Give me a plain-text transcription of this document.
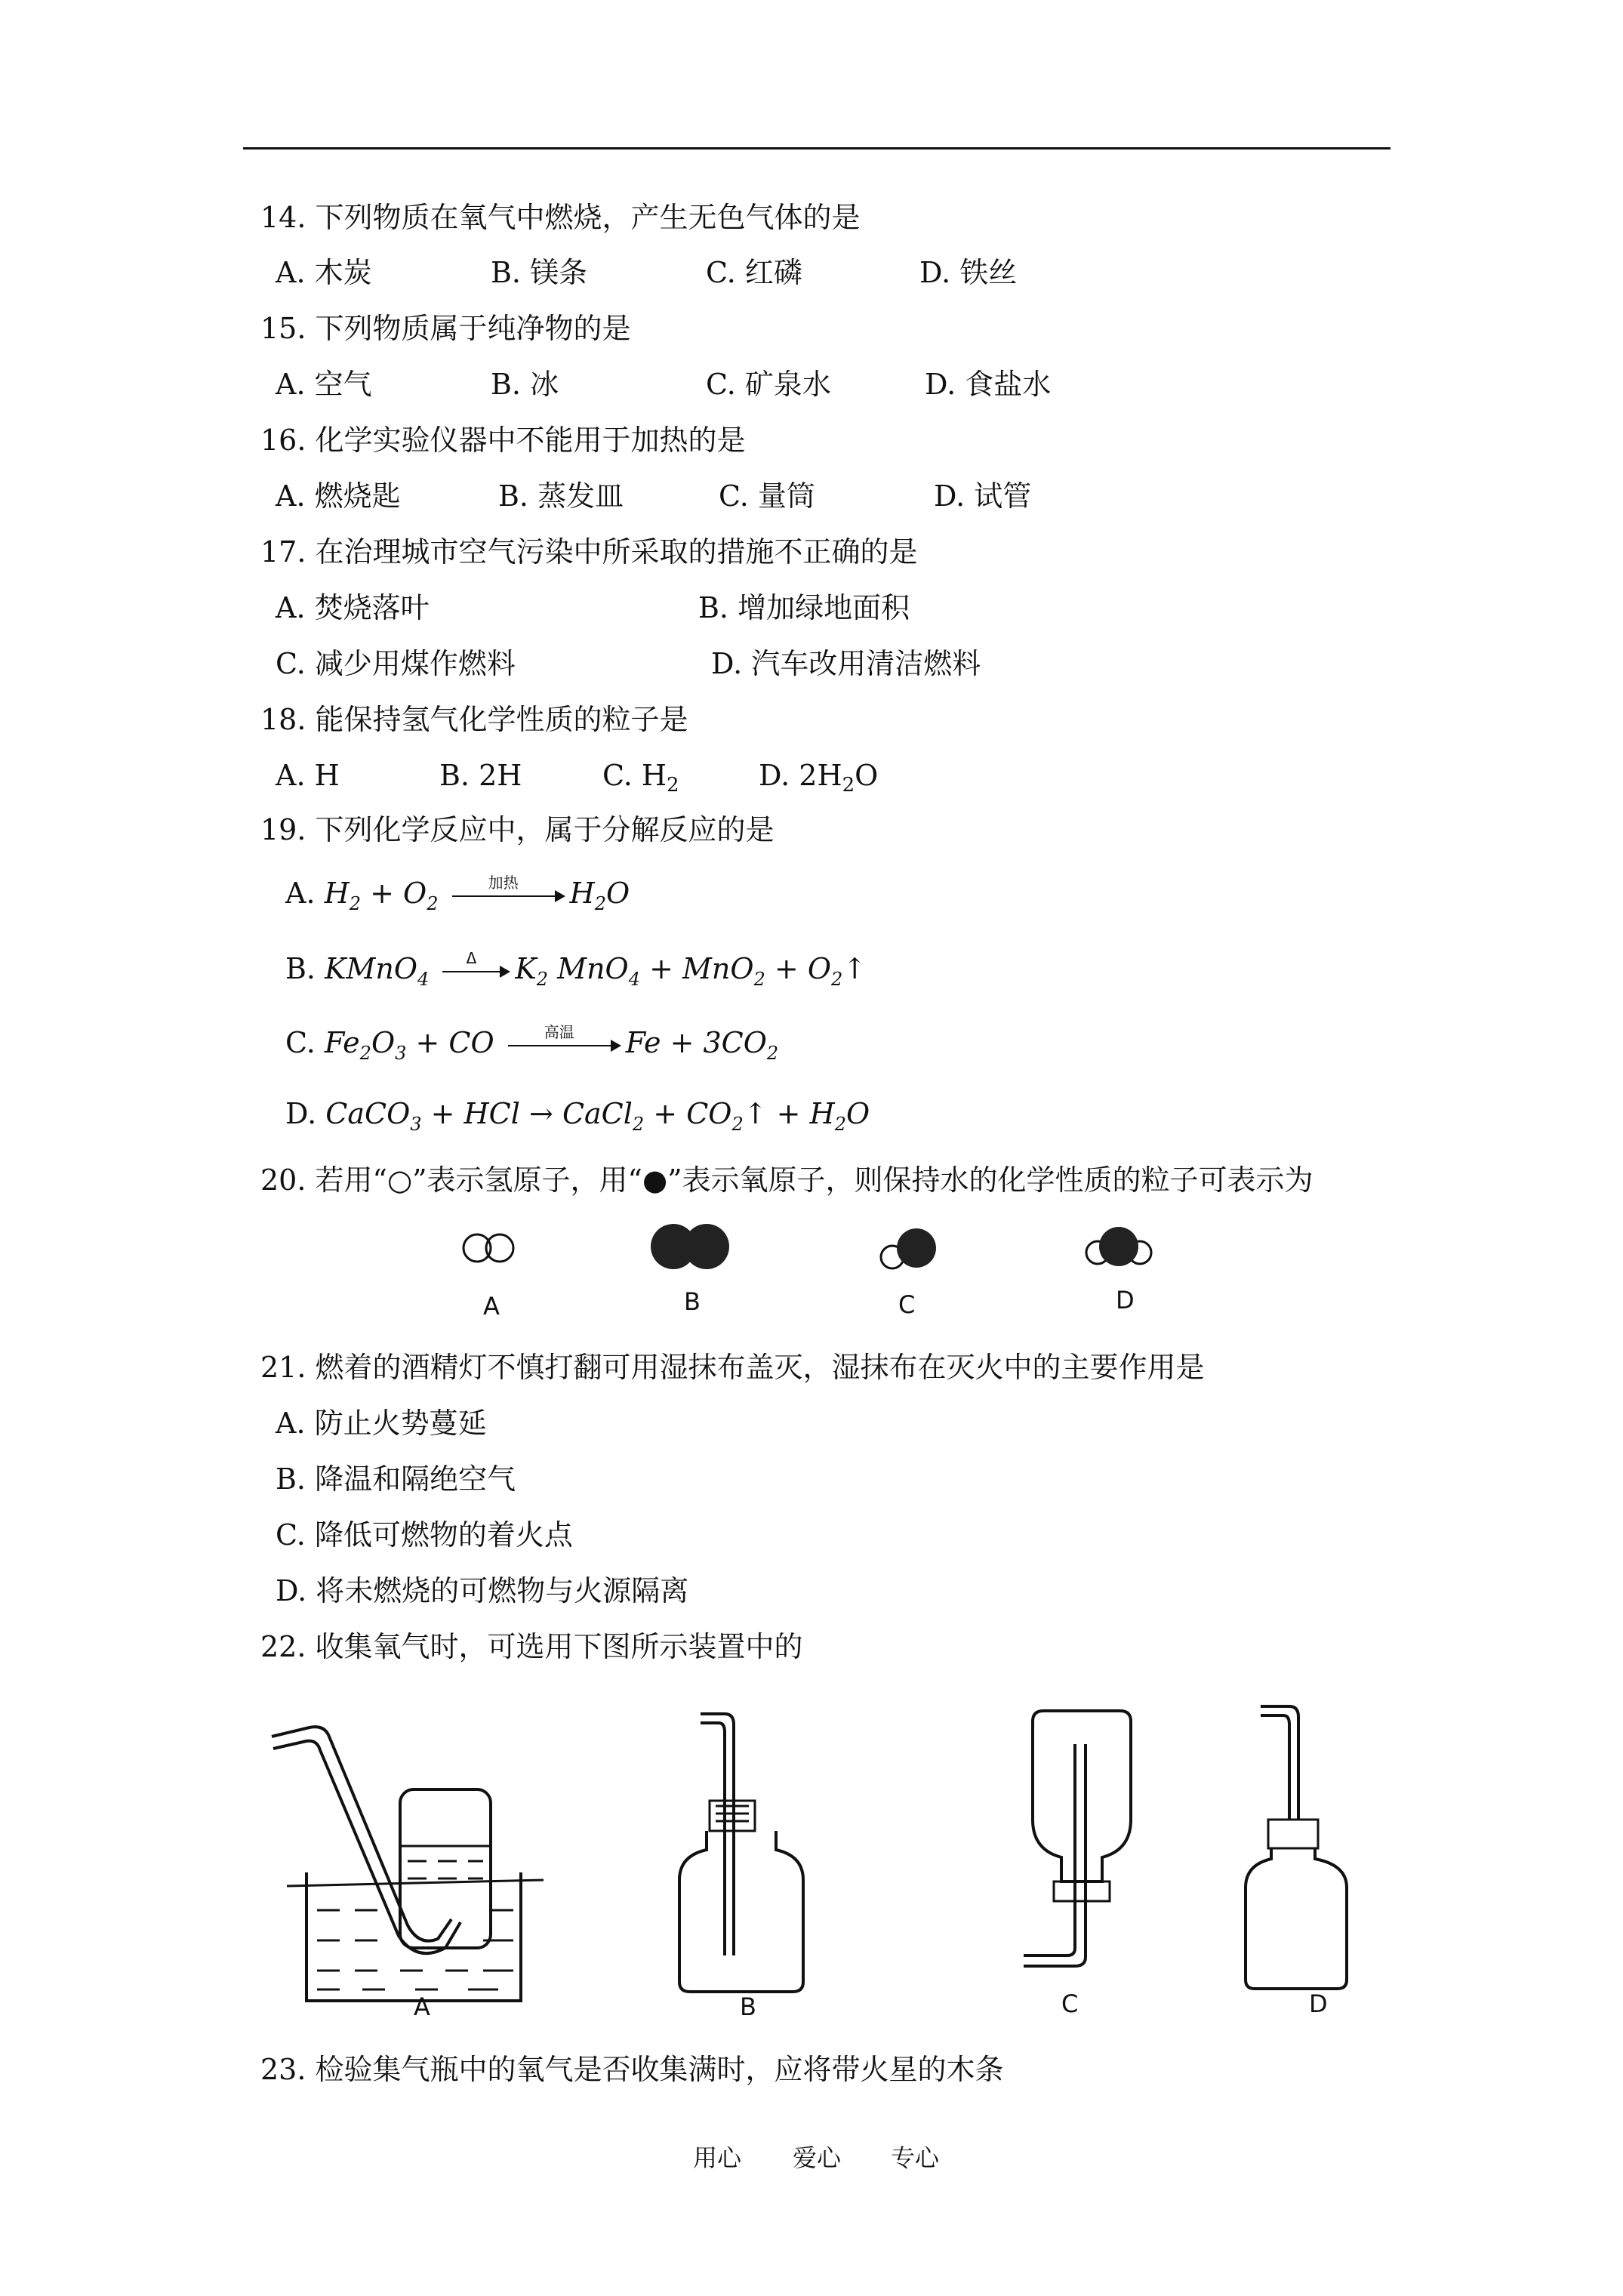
14. 下列物质在氧气中燃烧，产生无色气体的是
A. 木炭	B. 镁条	C. 红磷	D. 铁丝
15. 下列物质属于纯净物的是
A. 空气	B. 冰	C. 矿泉水	D. 食盐水
16. 化学实验仪器中不能用于加热的是
A. 燃烧匙	B. 蒸发皿	C. 量筒	D. 试管
17. 在治理城市空气污染中所采取的措施不正确的是
A. 焚烧落叶	B. 增加绿地面积
C. 减少用煤作燃料	D. 汽车改用清洁燃料
18. 能保持氢气化学性质的粒子是
A. H	B. 2H	C. $H_2$	D. $2H_2O$
19. 下列化学反应中，属于分解反应的是
A. $H_2 + O_2$
加热	$H_2O$
B. KMnO$_4$
Δ	$K_2$ $MnO_4 + MnO_2 + O_2↑$
C. $Fe_2O_3$ + CO	高温	$Fe + 3CO_2$
D. CaCO$_3$ + HCl → CaCl$_2$ + $CO_2↑ + H_2O$
20. 若用“○”表示氢原子，用“●”表示氧原子，则保持水的化学性质的粒子可表示为
A	B	C	D
21. 燃着的酒精灯不慎打翻可用湿抹布盖灭，湿抹布在灭火中的主要作用是
A. 防止火势蔓延
B. 降温和隔绝空气
C. 降低可燃物的着火点
D. 将未燃烧的可燃物与火源隔离
22. 收集氧气时，可选用下图所示装置中的
A	B	C	D
23. 检验集气瓶中的氧气是否收集满时，应将带火星的木条
用心 爱心 专心
